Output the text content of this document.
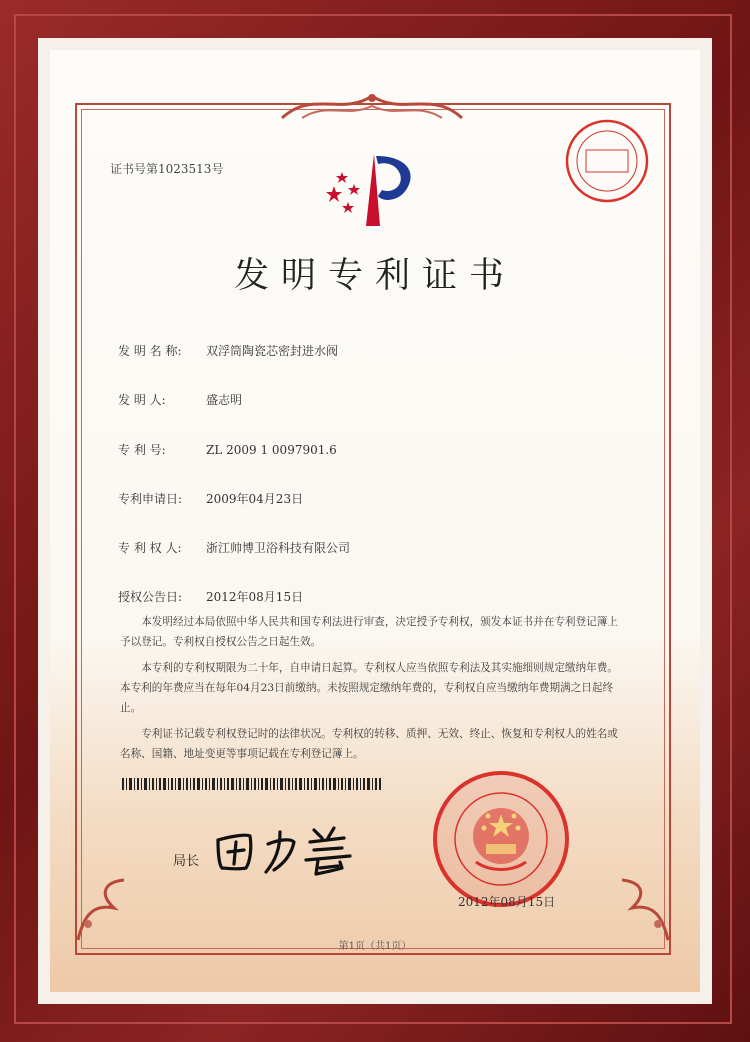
证书号第1023513号
发明专利证书
发 明 名 称: 双浮筒陶瓷芯密封进水阀
发 明 人:	盛志明
专 利 号:	ZL 2009 1 0097901.6
专利申请日: 2009年04月23日
专 利 权 人: 浙江帅博卫浴科技有限公司
授权公告日: 2012年08月15日

本发明经过本局依照中华人民共和国专利法进行审查，决定授予专利权，颁发本证书并在专利登记簿上予以登记。专利权自授权公告之日起生效。

本专利的专利权期限为二十年，自申请日起算。专利权人应当依照专利法及其实施细则规定缴纳年费。本专利的年费应当在每年04月23日前缴纳。未按照规定缴纳年费的，专利权自应当缴纳年费期满之日起终止。

专利证书记载专利权登记时的法律状况。专利权的转移、质押、无效、终止、恢复和专利权人的姓名或名称、国籍、地址变更等事项记载在专利登记簿上。

局长
2012年08月15日
第1页（共1页）
